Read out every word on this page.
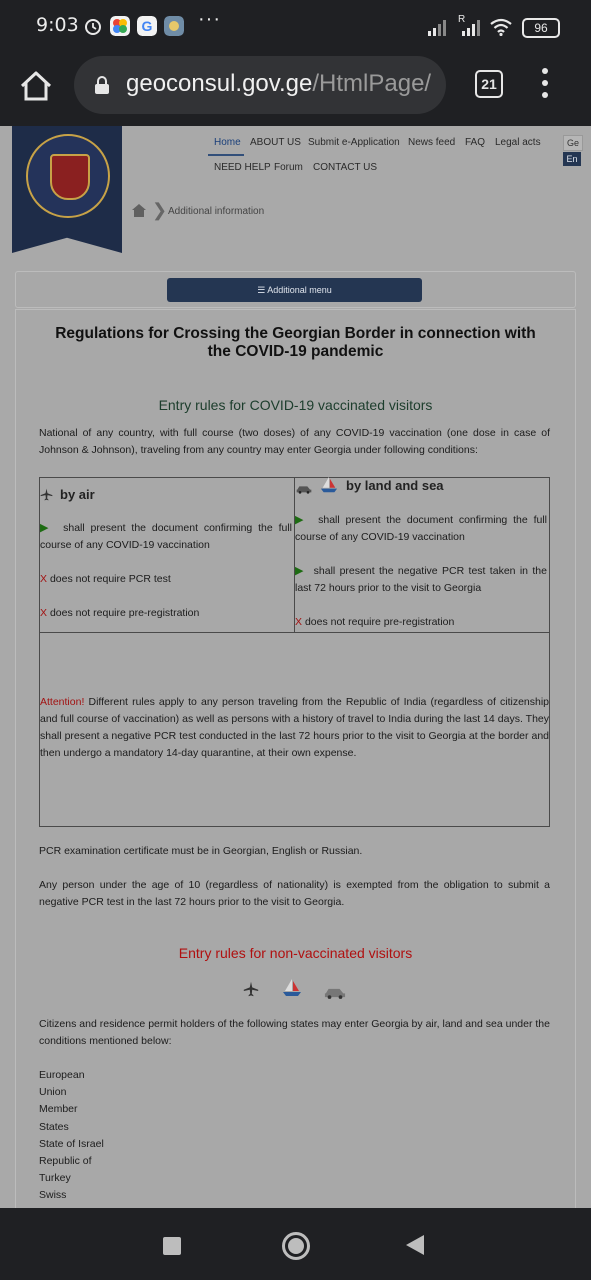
9:03	G ···	R
96
geoconsul.gov.ge/HtmlPage/	21
Home ABOUT US Submit e-Application News feed FAQ Legal acts
NEED HELP Forum CONTACT US
Ge
En
❯ Additional information
☰ Additional menu
Regulations for Crossing the Georgian Border in connection with the COVID-19 pandemic
Entry rules for COVID-19 vaccinated visitors
National of any country, with full course (two doses) of any COVID-19 vaccination (one dose in case of Johnson & Johnson), traveling from any country may enter Georgia under following conditions:
by air
▶ shall present the document confirming the full course of any COVID-19 vaccination
X does not require PCR test
X does not require pre-registration
by land and sea
▶ shall present the document confirming the full course of any COVID-19 vaccination
▶ shall present the negative PCR test taken in the last 72 hours prior to the visit to Georgia
X does not require pre-registration
Attention! Different rules apply to any person traveling from the Republic of India (regardless of citizenship and full course of vaccination) as well as persons with a history of travel to India during the last 14 days. They shall present a negative PCR test conducted in the last 72 hours prior to the visit to Georgia at the border and then undergo a mandatory 14-day quarantine, at their own expense.
PCR examination certificate must be in Georgian, English or Russian.
Any person under the age of 10 (regardless of nationality) is exempted from the obligation to submit a negative PCR test in the last 72 hours prior to the visit to Georgia.
Entry rules for non-vaccinated visitors
Citizens and residence permit holders of the following states may enter Georgia by air, land and sea under the conditions mentioned below:
European
Union
Member
States
State of Israel
Republic of
Turkey
Swiss
